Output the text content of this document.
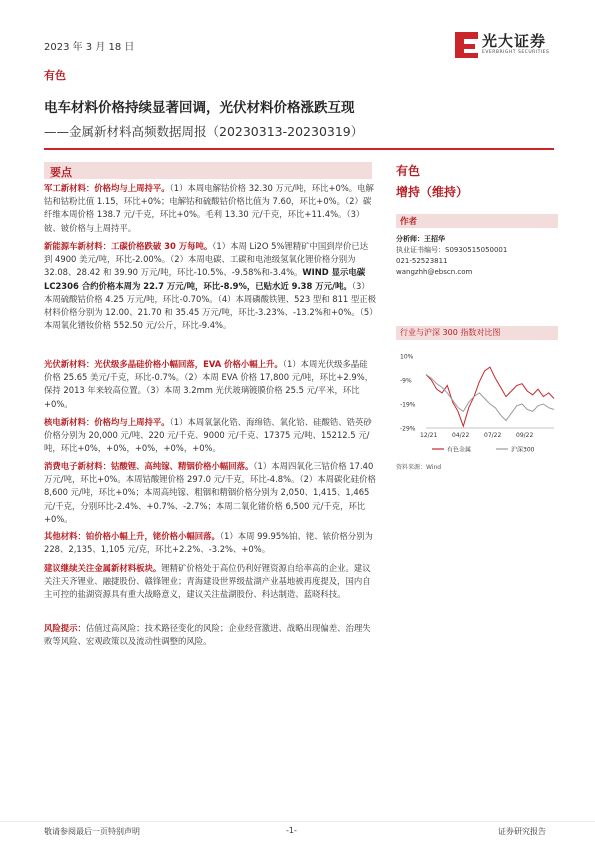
2023 年 3 月 18 日	光大证券
EVERBRIGHT SECURITIES
有色
电车材料价格持续显著回调，光伏材料价格涨跌互现
——金属新材料高频数据周报（20230313-20230319）
要点

军工新材料：价格均与上周持平。（1）本周电解钴价格 32.30 万元/吨，环比+0%。电解钴和钴粉比值 1.15，环比+0%；电解钴和硫酸钴价格比值为 7.60，环比+0%。（2）碳纤维本周价格 138.7 元/千克，环比+0%。毛利 13.30 元/千克，环比+11.4%。（3）铍、铍价格与上周持平。

新能源车新材料：工碳价格跌破 30 万每吨。（1）本周 Li2O 5%锂精矿中国到岸价已达到 4900 美元/吨，环比-2.00%。（2）本周电碳、工碳和电池级氢氧化锂价格分别为 32.08、28.42 和 39.90 万元/吨，环比-10.5%、-9.58%和-3.4%。WIND 显示电碳 LC2306 合约价格本周为 22.7 万元/吨，环比-8.9%，已贴水近 9.38 万元/吨。（3）本周硫酸钴价格 4.25 万元/吨，环比-0.70%。（4）本周磷酸铁锂、523 型和 811 型正极材料价格分别为 12.00、21.70 和 35.45 万元/吨，环比-3.23%、-13.2%和+0%。（5）本周氧化镨钕价格 552.50 元/公斤，环比-9.4%。

光伏新材料：光伏级多晶硅价格小幅回落，EVA 价格小幅上升。（1）本周光伏级多晶硅价格 25.65 美元/千克，环比-0.7%。（2）本周 EVA 价格 17,800 元/吨，环比+2.9%，保持 2013 年来较高位置。（3）本周 3.2mm 光伏玻璃镀膜价格 25.5 元/平米，环比+0%。

核电新材料：价格均与上周持平。（1）本周氧氯化锆、海绵锆、氧化铪、硅酸锆、锆英砂价格分别为 20,000 元/吨、220 元/千克、9000 元/千克、17375 元/吨、15212.5 元/吨，环比+0%，+0%，+0%，+0%，+0%。

消费电子新材料：钴酸锂、高纯镓、精铟价格小幅回落。（1）本周四氧化三钴价格 17.40 万元/吨，环比+0%。本周钴酸锂价格 297.0 元/千克，环比-4.8%。（2）本周碳化硅价格 8,600 元/吨，环比+0%；本周高纯镓、粗铟和精铟价格分别为 2,050、1,415、1,465 元/千克，分别环比-2.4%、+0.7%、-2.7%；本周二氧化锗价格 6,500 元/千克，环比+0%。

其他材料：铂价格小幅上升，铑价格小幅回落。（1）本周 99.95%铂、铑、铱价格分别为 228、2,135、1,105 元/克，环比+2.2%、-3.2%、+0%。

建议继续关注金属新材料板块。锂精矿价格处于高位仍利好锂资源自给率高的企业。建议关注天齐锂业、融捷股份、赣锋锂业；青海建设世界级盐湖产业基地被再度提及，国内自主可控的盐湖资源具有重大战略意义，建议关注盐湖股份、科达制造、蓝晓科技。

风险提示：估值过高风险；技术路径变化的风险；企业经营激进、战略出现偏差、治理失败等风险、宏观政策以及流动性调整的风险。

有色
增持（维持）
作者
分析师：王招华
执业证书编号：S0930515050001
021-52523811
wangzhh@ebscn.com
行业与沪深 300 指数对比图
10%
-9%
-19%
-29%
12/21 04/22 07/22 09/22
有色金属	沪深300
资料来源：Wind
敬请参阅最后一页特别声明	-1-	证券研究报告
